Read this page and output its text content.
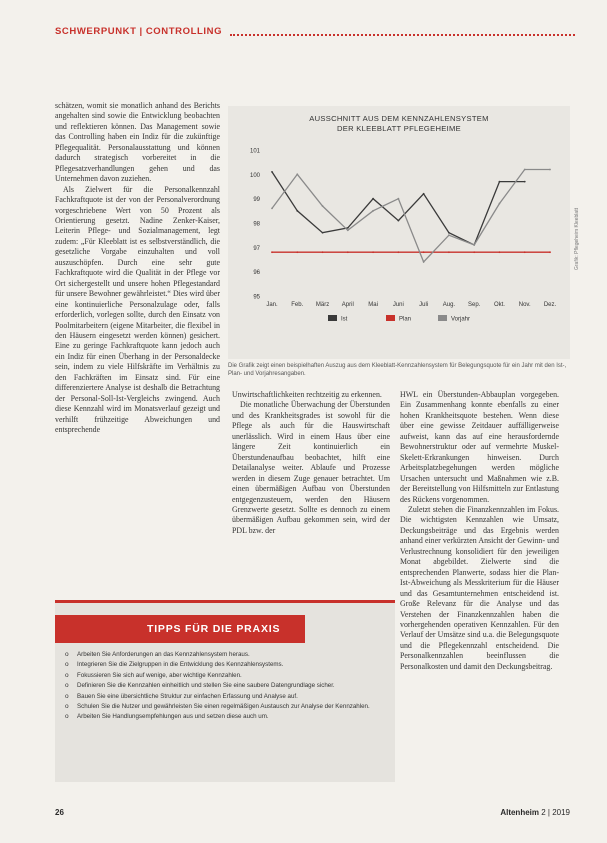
SCHWERPUNKT | CONTROLLING

schätzen, womit sie monatlich anhand des Berichts angehalten sind sowie die Entwicklung beobachten und reflektieren können. Das Management sowie das Controlling haben ein Indiz für die zukünftige Pflegequalität. Personalausstattung und können dadurch strategisch vorbereitet in die Pflegesatzverhandlungen gehen und das Unternehmen davon zuziehen.

Als Zielwert für die Personalkennzahl Fachkraftquote ist der von der Personalverordnung vorgeschriebene Wert von 50 Prozent als Orientierung gesetzt. Nadine Zenker-Kaiser, Leiterin Pflege- und Sozialmanagement, legt zudem: „Für Kleeblatt ist es selbstverständlich, die gesetzliche Vorgabe einzuhalten und voll auszuschöpfen. Durch eine sehr gute Fachkraftquote wird die Qualität in der Pflege vor Ort sichergestellt und unsere hohen Pflegestandard für unsere Bewohner gewährleistet.“ Dies wird über eine kontinuierliche Personalzulage oder, falls erforderlich, vorlegen sollte, durch den Einsatz von Poolmitarbeitern (eigene Mitarbeiter, die flexibel in den Häusern eingesetzt werden können) gesichert. Eine zu geringe Fachkraftquote kann jedoch auch ein Indiz für einen Überhang in der Personaldecke sein, indem zu viele Hilfskräfte im Verhältnis zu den Fachkräften im Einsatz sind. Für eine differenziertere Analyse ist deshalb die Betrachtung der Personal-Soll-Ist-Vergleichs zwingend. Auch diese Kennzahl wird im Monatsverlauf gezeigt und verhilft frühzeitige Abweichungen und entsprechende

AUSSCHNITT AUS DEM KENNZAHLENSYSTEM
DER KLEEBLATT PFLEGEHEIME
101
100
99
98
97
96
95
Jan. Feb. März April Mai Juni	Juli Aug. Sep. Okt. Nov. Dez.
Ist	Plan	Vorjahr
Die Grafik zeigt einen beispielhaften Auszug aus dem Kleeblatt-Kennzahlensystem für Belegungsquote für ein Jahr mit den Ist-, Plan- und Vorjahresangaben.
Grafik: Pflegeheim Kleeblatt

Unwirtschaftlichkeiten rechtzeitig zu erkennen.

Die monatliche Überwachung der Überstunden und des Krankheitsgrades ist sowohl für die Pflege als auch für die Hauswirtschaft unerlässlich. Wird in einem Haus über eine längere Zeit kontinuierlich ein Überstundenaufbau beobachtet, hilft eine Detailanalyse weiter. Ablaufe und Prozesse werden in diesem Zuge genauer betrachtet. Um einen übermäßigen Aufbau von Überstunden entgegenzusteuern, werden den Häusern Grenzwerte gesetzt. Sollte es dennoch zu einem übermäßigen Aufbau gekommen sein, wird der PDL bzw. der

HWL ein Überstunden-Abbauplan vorgegeben. Ein Zusammenhang konnte ebenfalls zu einer hohen Krankheitsquote bestehen. Wenn diese über eine gewisse Zeitdauer auffälligerweise aufweist, kann das auf eine herausfordernde Bewohnerstruktur oder auf vermehrte Muskel-Skelett-Erkrankungen hinweisen. Durch Arbeitsplatzbegehungen werden mögliche Ursachen untersucht und Maßnahmen wie z.B. der Bereitstellung von Hilfsmitteln zur Entlastung des Rückens vorgenommen.

Zuletzt stehen die Finanzkennzahlen im Fokus. Die wichtigsten Kennzahlen wie Umsatz, Deckungsbeiträge und das Ergebnis werden anhand einer verkürzten Ansicht der Gewinn- und Verlustrechnung konsolidiert für den jeweiligen Monat abgebildet. Zielwerte sind die entsprechenden Planwerte, sodass hier die Plan-Ist-Abweichung als Messkriterium für die Häuser und das Gesamtunternehmen entscheidend ist. Große Relevanz für die Analyse und das Verstehen der Finanzkennzahlen haben die vorhergehenden operativen Kennzahlen. Für den Verlauf der Umsätze sind u.a. die Belegungsquote und die Pflegekennzahl entscheidend. Die Personalkennzahlen beeinflussen die Personalkosten und damit den Deckungsbeitrag.

TIPPS FÜR DIE PRAXIS
o Arbeiten Sie Anforderungen an das Kennzahlensystem heraus.
o Integrieren Sie die Zielgruppen in die Entwicklung des Kennzahlensystems.
o Fokussieren Sie sich auf wenige, aber wichtige Kennzahlen.
o Definieren Sie die Kennzahlen einheitlich und stellen Sie eine saubere Datengrundlage sicher.
o Bauen Sie eine übersichtliche Struktur zur einfachen Erfassung und Analyse auf.
o Schulen Sie die Nutzer und gewährleisten Sie einen regelmäßigen Austausch zur Analyse der Kennzahlen.
o Arbeiten Sie Handlungsempfehlungen aus und setzen diese auch um.
26	Altenheim 2 | 2019
